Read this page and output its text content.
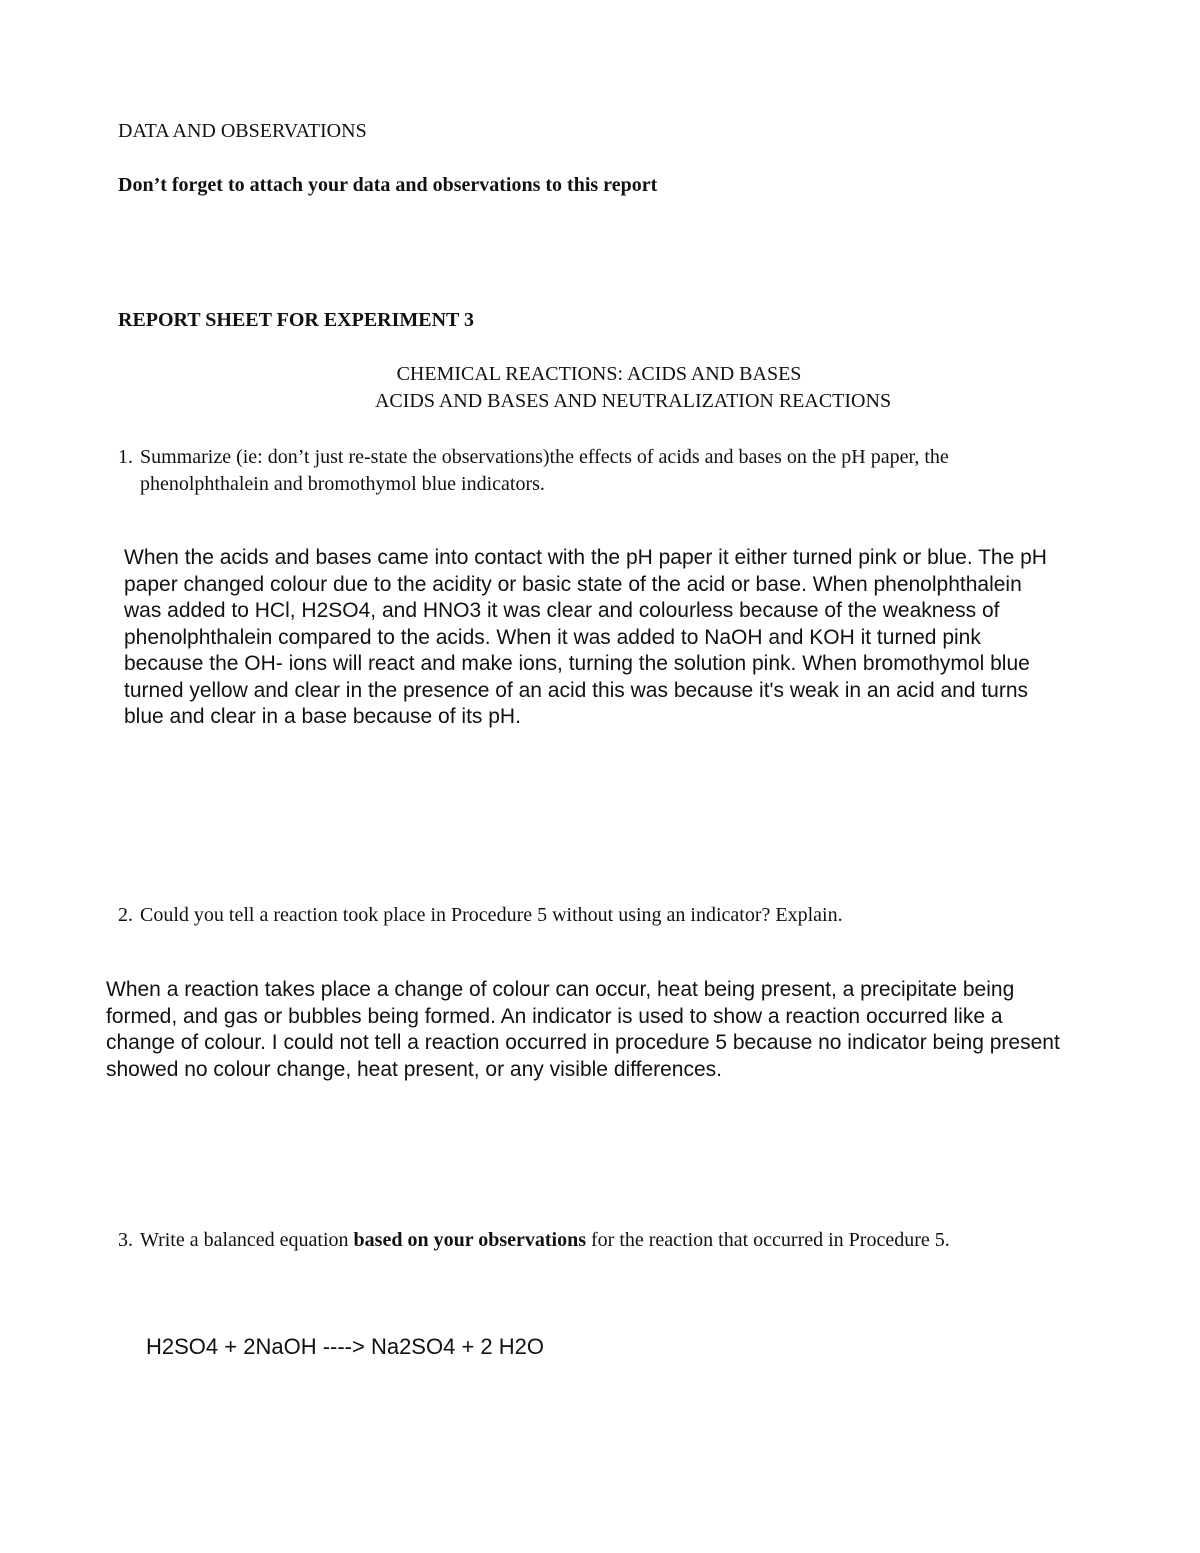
DATA AND OBSERVATIONS

Don’t forget to attach your data and observations to this report

REPORT SHEET FOR EXPERIMENT 3

CHEMICAL REACTIONS: ACIDS AND BASES

ACIDS AND BASES AND NEUTRALIZATION REACTIONS

1. Summarize (ie: don’t just re-state the observations)the effects of acids and bases on the pH paper, the phenolphthalein and bromothymol blue indicators.

When the acids and bases came into contact with the pH paper it either turned pink or blue. The pH paper changed colour due to the acidity or basic state of the acid or base. When phenolphthalein was added to HCl, H2SO4, and HNO3 it was clear and colourless because of the weakness of phenolphthalein compared to the acids. When it was added to NaOH and KOH it turned pink because the OH- ions will react and make ions, turning the solution pink. When bromothymol blue turned yellow and clear in the presence of an acid this was because it's weak in an acid and turns blue and clear in a base because of its pH.

2. Could you tell a reaction took place in Procedure 5 without using an indicator? Explain.

When a reaction takes place a change of colour can occur, heat being present, a precipitate being formed, and gas or bubbles being formed. An indicator is used to show a reaction occurred like a change of colour. I could not tell a reaction occurred in procedure 5 because no indicator being present showed no colour change, heat present, or any visible differences.

3. Write a balanced equation based on your observations for the reaction that occurred in Procedure 5.

H2SO4 + 2NaOH ----> Na2SO4 + 2 H2O
